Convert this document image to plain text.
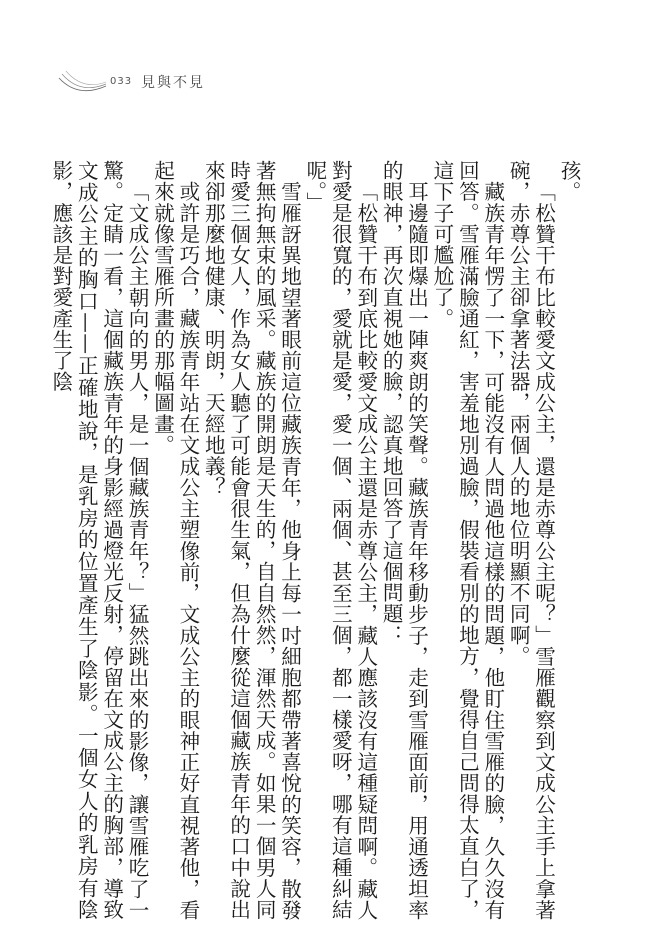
033 見與不見

孩。

「松贊干布比較愛文成公主，還是赤尊公主呢？」雪雁觀察到文成公主手上拿著碗，赤尊公主卻拿著法器，兩個人的地位明顯不同啊。

藏族青年愣了一下，可能沒有人問過他這樣的問題，他盯住雪雁的臉，久久沒有回答。雪雁滿臉通紅，害羞地別過臉，假裝看別的地方，覺得自己問得太直白了，這下子可尷尬了。

耳邊隨即爆出一陣爽朗的笑聲。藏族青年移動步子，走到雪雁面前，用通透坦率的眼神，再次直視她的臉，認真地回答了這個問題：

「松贊干布到底比較愛文成公主還是赤尊公主，藏人應該沒有這種疑問啊。藏人對愛是很寬的，愛就是愛，愛一個、兩個、甚至三個，都一樣愛呀，哪有這種糾結呢。」

雪雁訝異地望著眼前這位藏族青年，他身上每一吋細胞都帶著喜悅的笑容，散發著無拘無束的風采。藏族的開朗是天生的，自自然然，渾然天成。如果一個男人同時愛三個女人，作為女人聽了可能會很生氣，但為什麼從這個藏族青年的口中說出來卻那麼地健康、明朗，天經地義？

或許是巧合，藏族青年站在文成公主塑像前，文成公主的眼神正好直視著他，看起來就像雪雁所畫的那幅圖畫。

「文成公主朝向的男人，是一個藏族青年？」猛然跳出來的影像，讓雪雁吃了一驚。定睛一看，這個藏族青年的身影經過燈光反射，停留在文成公主的胸部，導致文成公主的胸口——正確地說，是乳房的位置產生了陰影。一個女人的乳房有陰影，應該是對愛產生了陰
